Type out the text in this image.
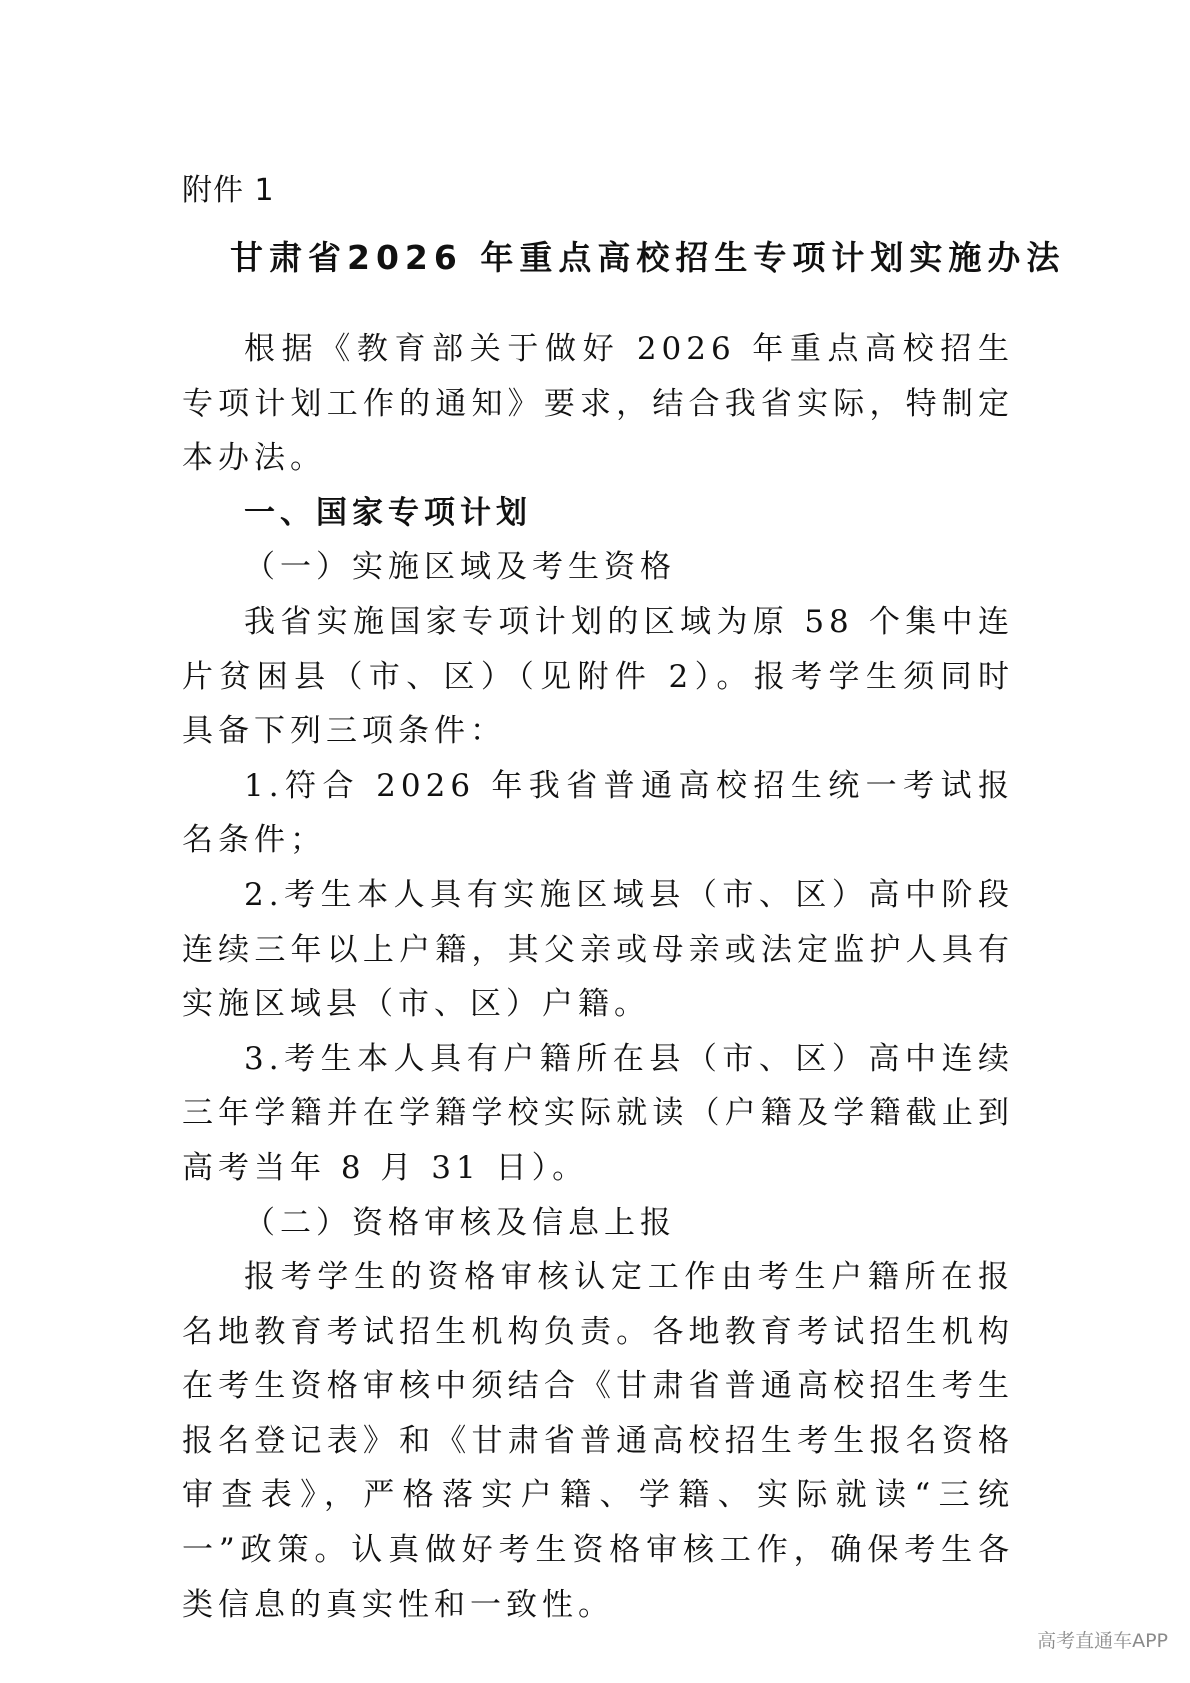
附件 1
甘肃省2026 年重点高校招生专项计划实施办法

根据《教育部关于做好 2026 年重点高校招生专项计划工作的通知》要求，结合我省实际，特制定本办法。

一、国家专项计划
（一）实施区域及考生资格

我省实施国家专项计划的区域为原 58 个集中连片贫困县（市、区）（见附件 2）。报考学生须同时具备下列三项条件：

1.符合 2026 年我省普通高校招生统一考试报名条件；

2.考生本人具有实施区域县（市、区）高中阶段连续三年以上户籍，其父亲或母亲或法定监护人具有实施区域县（市、区）户籍。

3.考生本人具有户籍所在县（市、区）高中连续三年学籍并在学籍学校实际就读（户籍及学籍截止到高考当年 8 月 31 日）。

（二）资格审核及信息上报

报考学生的资格审核认定工作由考生户籍所在报名地教育考试招生机构负责。各地教育考试招生机构在考生资格审核中须结合《甘肃省普通高校招生考生报名登记表》和《甘肃省普通高校招生考生报名资格审查表》，严格落实户籍、学籍、实际就读“三统一”政策。认真做好考生资格审核工作，确保考生各类信息的真实性和一致性。

高考直通车APP
